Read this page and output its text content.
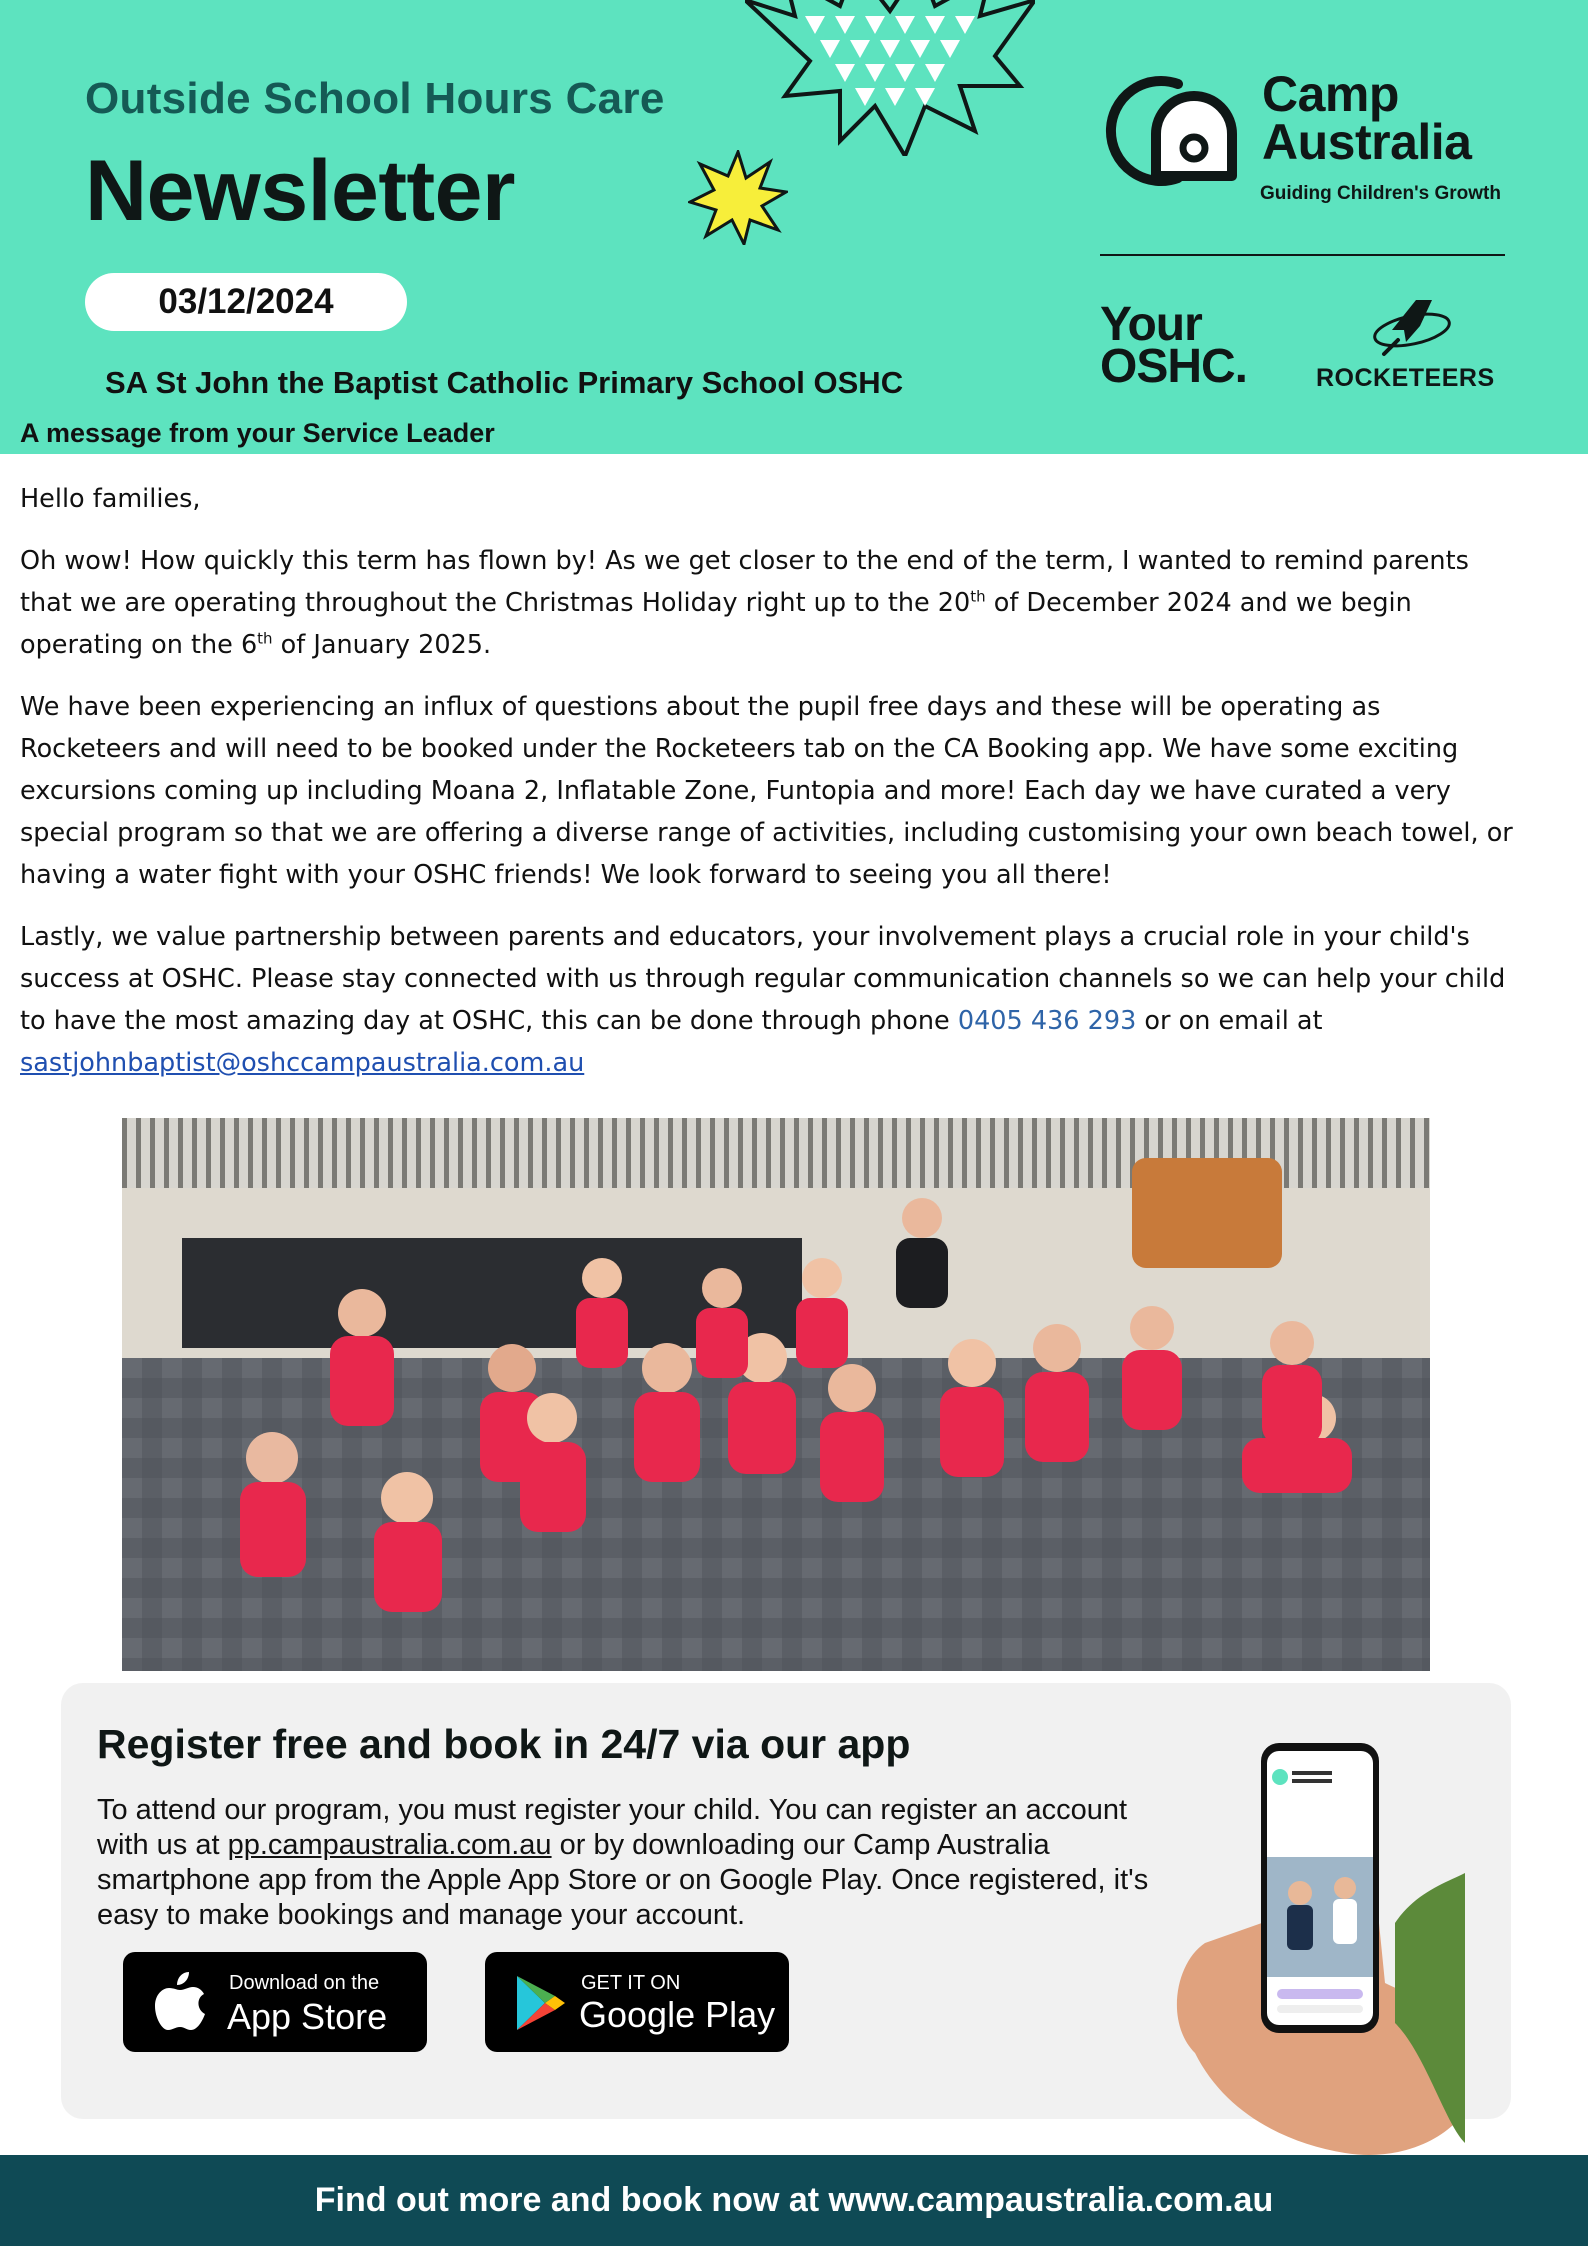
Outside School Hours Care
Newsletter
03/12/2024
SA St John the Baptist Catholic Primary School OSHC
A message from your Service Leader
Camp
Australia
Guiding Children's Growth
Your
OSHC.	ROCKETEERS

Hello families,

Oh wow! How quickly this term has flown by! As we get closer to the end of the term, I wanted to remind parents that we are operating throughout the Christmas Holiday right up to the 20th of December 2024 and we begin operating on the 6th of January 2025.

We have been experiencing an influx of questions about the pupil free days and these will be operating as Rocketeers and will need to be booked under the Rocketeers tab on the CA Booking app. We have some exciting excursions coming up including Moana 2, Inflatable Zone, Funtopia and more! Each day we have curated a very special program so that we are offering a diverse range of activities, including customising your own beach towel, or having a water fight with your OSHC friends! We look forward to seeing you all there!

Lastly, we value partnership between parents and educators, your involvement plays a crucial role in your child's success at OSHC. Please stay connected with us through regular communication channels so we can help your child to have the most amazing day at OSHC, this can be done through phone 0405 436 293 or on email at
sastjohnbaptist@oshccampaustralia.com.au

Register free and book in 24/7 via our app
To attend our program, you must register your child. You can register an account with us at pp.campaustralia.com.au or by downloading our Camp Australia smartphone app from the Apple App Store or on Google Play. Once registered, it's easy to make bookings and manage your account.
Download on the
App Store
GET IT ON
Google Play
Find out more and book now at www.campaustralia.com.au
